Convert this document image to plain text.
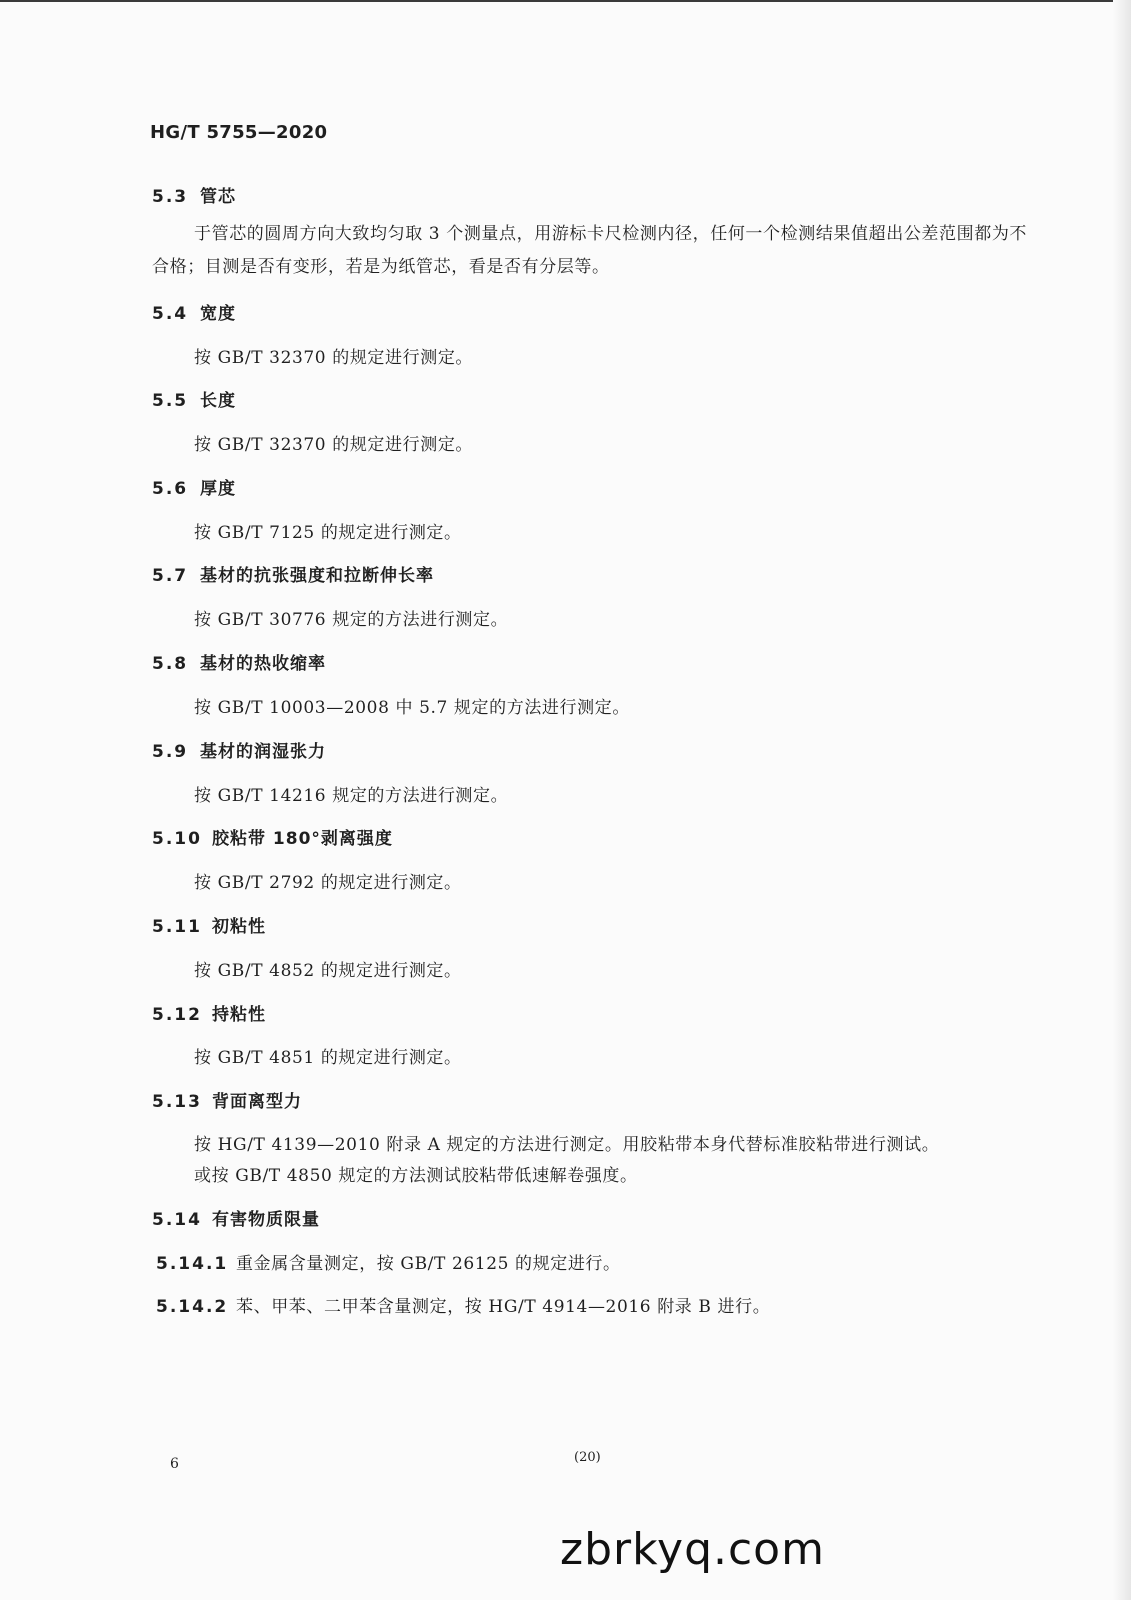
HG/T 5755—2020
5.3 管芯
于管芯的圆周方向大致均匀取 3 个测量点，用游标卡尺检测内径，任何一个检测结果值超出公差范围都为不合格；目测是否有变形，若是为纸管芯，看是否有分层等。
5.4 宽度
按 GB/T 32370 的规定进行测定。
5.5 长度
按 GB/T 32370 的规定进行测定。
5.6 厚度
按 GB/T 7125 的规定进行测定。
5.7 基材的抗张强度和拉断伸长率
按 GB/T 30776 规定的方法进行测定。
5.8 基材的热收缩率
按 GB/T 10003—2008 中 5.7 规定的方法进行测定。
5.9 基材的润湿张力
按 GB/T 14216 规定的方法进行测定。
5.10 胶粘带 180°剥离强度
按 GB/T 2792 的规定进行测定。
5.11 初粘性
按 GB/T 4852 的规定进行测定。
5.12 持粘性
按 GB/T 4851 的规定进行测定。
5.13 背面离型力
按 HG/T 4139—2010 附录 A 规定的方法进行测定。用胶粘带本身代替标准胶粘带进行测试。
或按 GB/T 4850 规定的方法测试胶粘带低速解卷强度。
5.14 有害物质限量
5.14.1 重金属含量测定，按 GB/T 26125 的规定进行。
5.14.2 苯、甲苯、二甲苯含量测定，按 HG/T 4914—2016 附录 B 进行。
6	(20)
zbrkyq.com
